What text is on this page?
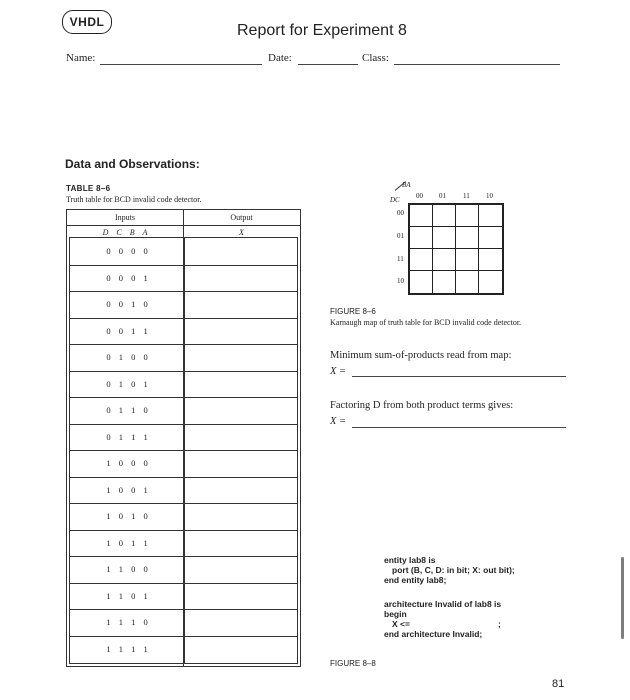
VHDL	Report for Experiment 8
Name:	Date:	Class:
Data and Observations:
TABLE 8–6
Truth table for BCD invalid code detector.
Inputs	Output
D C B A	X
0 0 0 0
0 0 0 1
0 0 1 0
0 0 1 1
0 1 0 0
0 1 0 1
0 1 1 0
0 1 1 1
1 0 0 0
1 0 0 1
1 0 1 0
1 0 1 1
1 1 0 0
1 1 0 1
1 1 1 0
1 1 1 1
BA
DC 00 01 11 10
00
01
11
10
FIGURE 8–6
Karnaugh map of truth table for BCD invalid code detector.
Minimum sum-of-products read from map:
X =
Factoring D from both product terms gives:
X =
entity lab8 is
port (B, C, D: in bit; X: out bit);
end entity lab8;
architecture Invalid of lab8 is
begin
X <=	;
end architecture Invalid;
FIGURE 8–8
81
